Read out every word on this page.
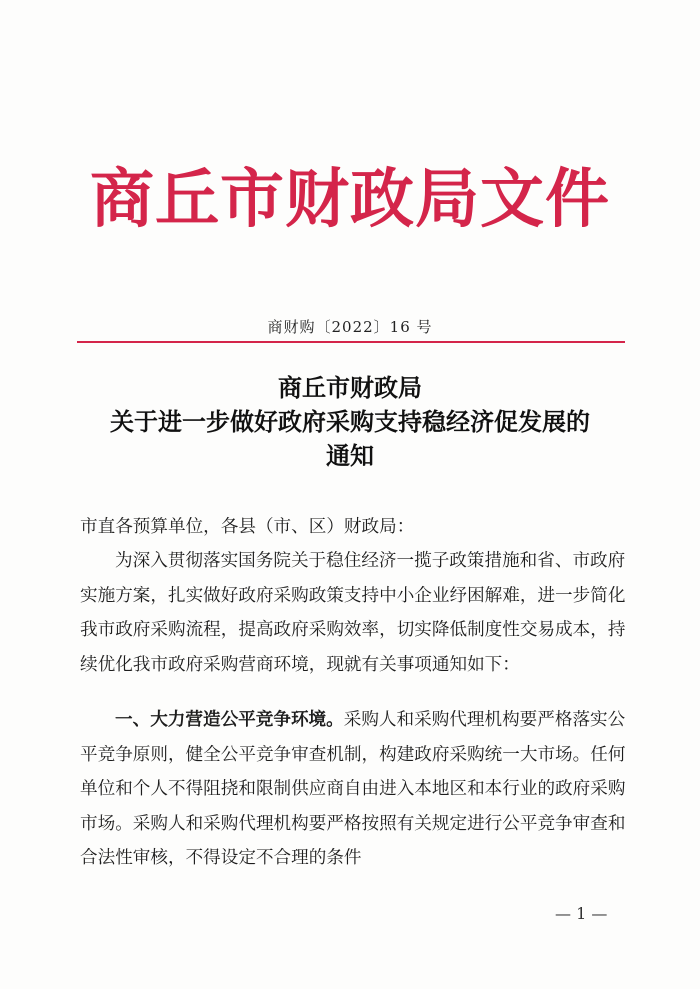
商丘市财政局文件
商财购〔2022〕16 号
商丘市财政局
关于进一步做好政府采购支持稳经济促发展的
通知
市直各预算单位，各县（市、区）财政局：
为深入贯彻落实国务院关于稳住经济一揽子政策措施和省、市政府实施方案，扎实做好政府采购政策支持中小企业纾困解难，进一步简化我市政府采购流程，提高政府采购效率，切实降低制度性交易成本，持续优化我市政府采购营商环境，现就有关事项通知如下：
一、大力营造公平竞争环境。采购人和采购代理机构要严格落实公平竞争原则，健全公平竞争审查机制，构建政府采购统一大市场。任何单位和个人不得阻挠和限制供应商自由进入本地区和本行业的政府采购市场。采购人和采购代理机构要严格按照有关规定进行公平竞争审查和合法性审核，不得设定不合理的条件
— 1 —
